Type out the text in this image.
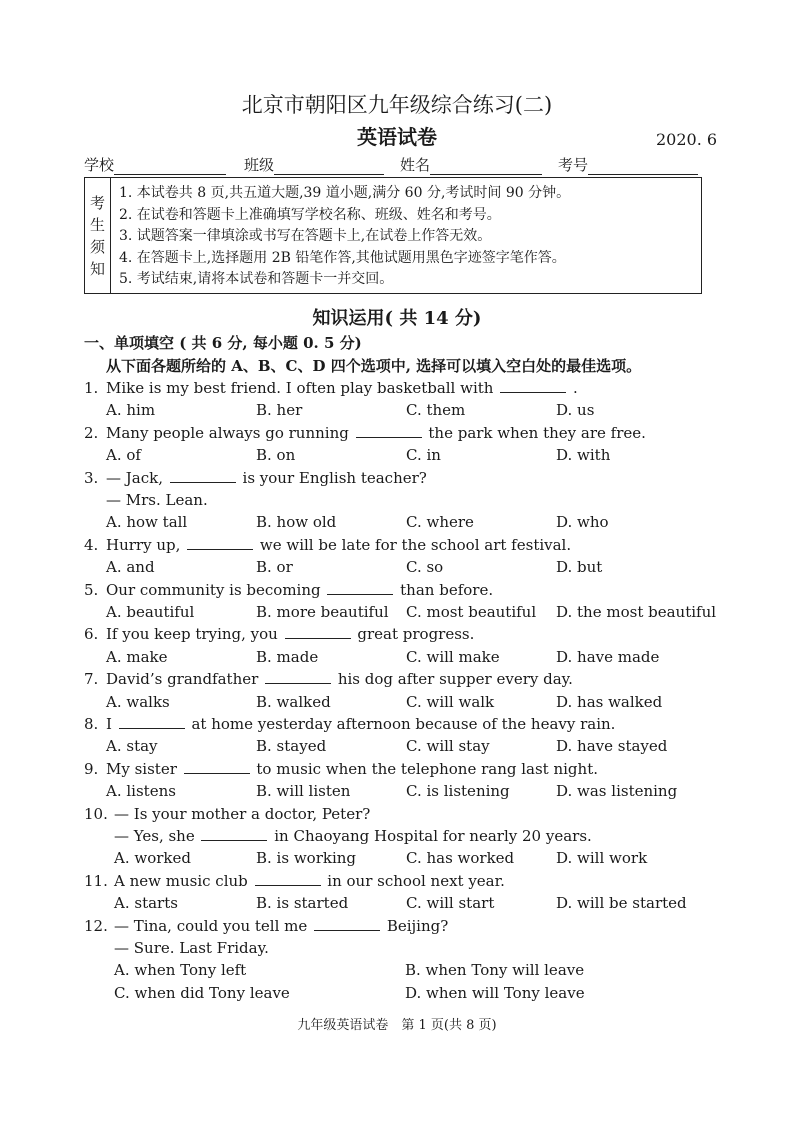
北京市朝阳区九年级综合练习(二)
英语试卷	2020. 6
学校	班级	姓名	考号
考
生
须
知
1. 本试卷共 8 页,共五道大题,39 道小题,满分 60 分,考试时间 90 分钟。
2. 在试卷和答题卡上准确填写学校名称、班级、姓名和考号。
3. 试题答案一律填涂或书写在答题卡上,在试卷上作答无效。
4. 在答题卡上,选择题用 2B 铅笔作答,其他试题用黑色字迹签字笔作答。
5. 考试结束,请将本试卷和答题卡一并交回。
知识运用( 共 14 分)
一、单项填空 ( 共 6 分, 每小题 0. 5 分)
从下面各题所给的 A、B、C、D 四个选项中, 选择可以填入空白处的最佳选项。
1. Mike is my best friend. I often play basketball with	.
A. him	B. her	C. them	D. us
2. Many people always go running	the park when they are free.
A. of	B. on	C. in	D. with
3. — Jack,	is your English teacher?
— Mrs. Lean.
A. how tall	B. how old	C. where	D. who
4. Hurry up,	we will be late for the school art festival.
A. and	B. or	C. so	D. but
5. Our community is becoming	than before.
A. beautiful	B. more beautiful C. most beautiful D. the most beautiful
6. If you keep trying, you	great progress.
A. make	B. made	C. will make	D. have made
7. David’s grandfather	his dog after supper every day.
A. walks	B. walked	C. will walk	D. has walked
8. I	at home yesterday afternoon because of the heavy rain.
A. stay	B. stayed	C. will stay	D. have stayed
9. My sister	to music when the telephone rang last night.
A. listens	B. will listen	C. is listening	D. was listening
10. — Is your mother a doctor, Peter?
— Yes, she	in Chaoyang Hospital for nearly 20 years.
A. worked	B. is working	C. has worked	D. will work
11. A new music club	in our school next year.
A. starts	B. is started	C. will start	D. will be started
12. — Tina, could you tell me	Beijing?
— Sure. Last Friday.
A. when Tony left	B. when Tony will leave
C. when did Tony leave	D. when will Tony leave
九年级英语试卷　第 1 页(共 8 页)
